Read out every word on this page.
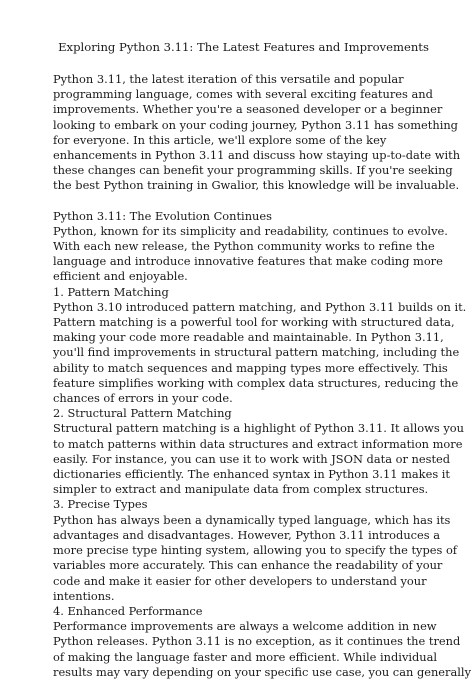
Exploring Python 3.11: The Latest Features and Improvements

Python 3.11, the latest iteration of this versatile and popular
programming language, comes with several exciting features and
improvements. Whether you're a seasoned developer or a beginner
looking to embark on your coding journey, Python 3.11 has something
for everyone. In this article, we'll explore some of the key
enhancements in Python 3.11 and discuss how staying up-to-date with
these changes can benefit your programming skills. If you're seeking
the best Python training in Gwalior, this knowledge will be invaluable.

Python 3.11: The Evolution Continues
Python, known for its simplicity and readability, continues to evolve.
With each new release, the Python community works to refine the
language and introduce innovative features that make coding more
efficient and enjoyable.
1. Pattern Matching
Python 3.10 introduced pattern matching, and Python 3.11 builds on it.
Pattern matching is a powerful tool for working with structured data,
making your code more readable and maintainable. In Python 3.11,
you'll find improvements in structural pattern matching, including the
ability to match sequences and mapping types more effectively. This
feature simplifies working with complex data structures, reducing the
chances of errors in your code.
2. Structural Pattern Matching
Structural pattern matching is a highlight of Python 3.11. It allows you
to match patterns within data structures and extract information more
easily. For instance, you can use it to work with JSON data or nested
dictionaries efficiently. The enhanced syntax in Python 3.11 makes it
simpler to extract and manipulate data from complex structures.
3. Precise Types
Python has always been a dynamically typed language, which has its
advantages and disadvantages. However, Python 3.11 introduces a
more precise type hinting system, allowing you to specify the types of
variables more accurately. This can enhance the readability of your
code and make it easier for other developers to understand your
intentions.
4. Enhanced Performance
Performance improvements are always a welcome addition in new
Python releases. Python 3.11 is no exception, as it continues the trend
of making the language faster and more efficient. While individual
results may vary depending on your specific use case, you can generally
